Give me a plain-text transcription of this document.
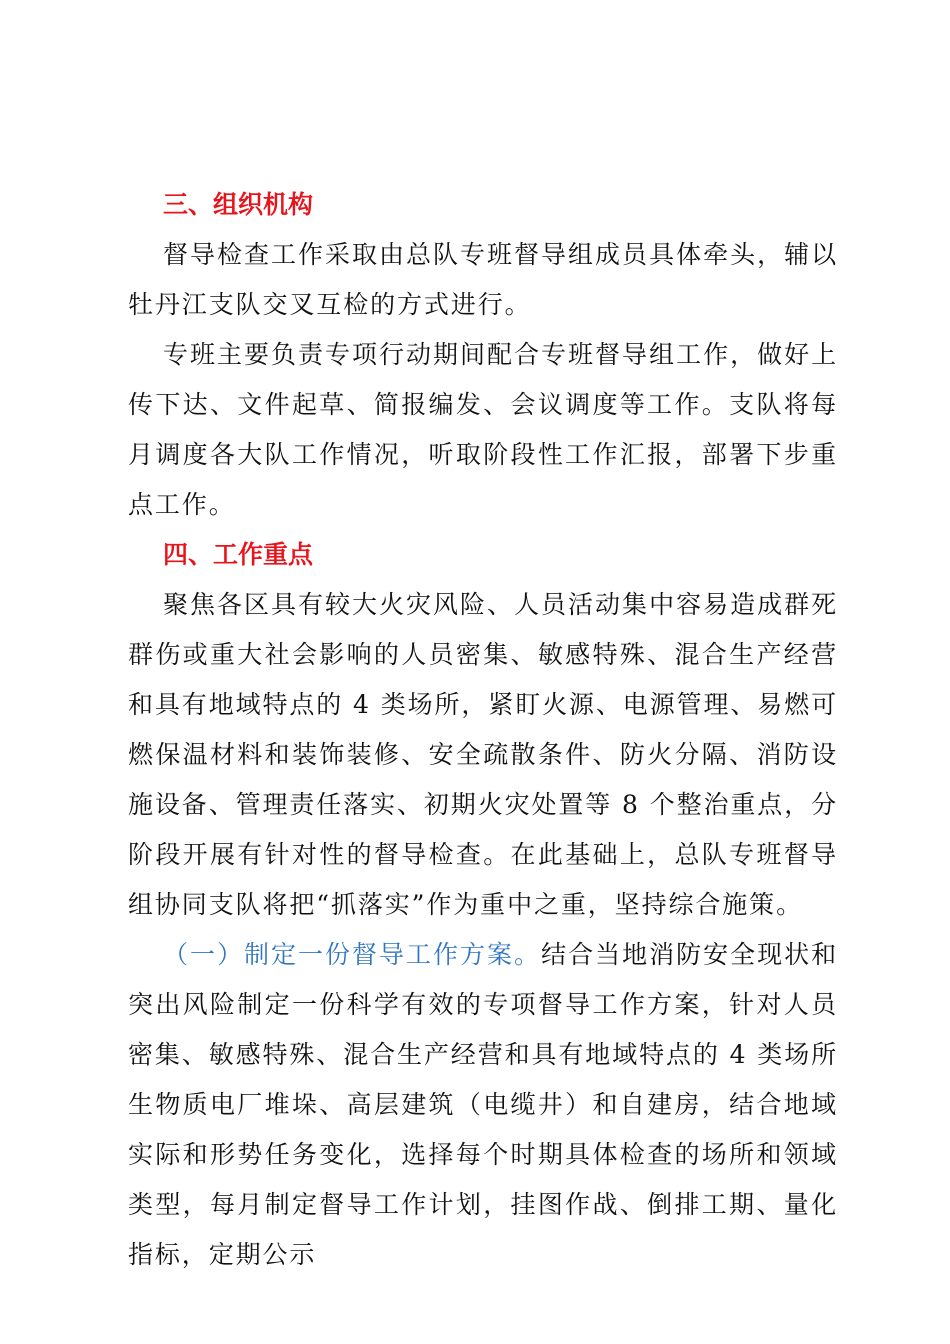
三、组织机构

督导检查工作采取由总队专班督导组成员具体牵头，辅以牡丹江支队交叉互检的方式进行。

专班主要负责专项行动期间配合专班督导组工作，做好上传下达、文件起草、简报编发、会议调度等工作。支队将每月调度各大队工作情况，听取阶段性工作汇报，部署下步重点工作。

四、工作重点

聚焦各区具有较大火灾风险、人员活动集中容易造成群死群伤或重大社会影响的人员密集、敏感特殊、混合生产经营和具有地域特点的 4 类场所，紧盯火源、电源管理、易燃可燃保温材料和装饰装修、安全疏散条件、防火分隔、消防设施设备、管理责任落实、初期火灾处置等 8 个整治重点，分阶段开展有针对性的督导检查。在此基础上，总队专班督导组协同支队将把“抓落实”作为重中之重，坚持综合施策。

（一）制定一份督导工作方案。结合当地消防安全现状和突出风险制定一份科学有效的专项督导工作方案，针对人员密集、敏感特殊、混合生产经营和具有地域特点的 4 类场所生物质电厂堆垛、高层建筑（电缆井）和自建房，结合地域实际和形势任务变化，选择每个时期具体检查的场所和领域类型，每月制定督导工作计划，挂图作战、倒排工期、量化指标，定期公示
